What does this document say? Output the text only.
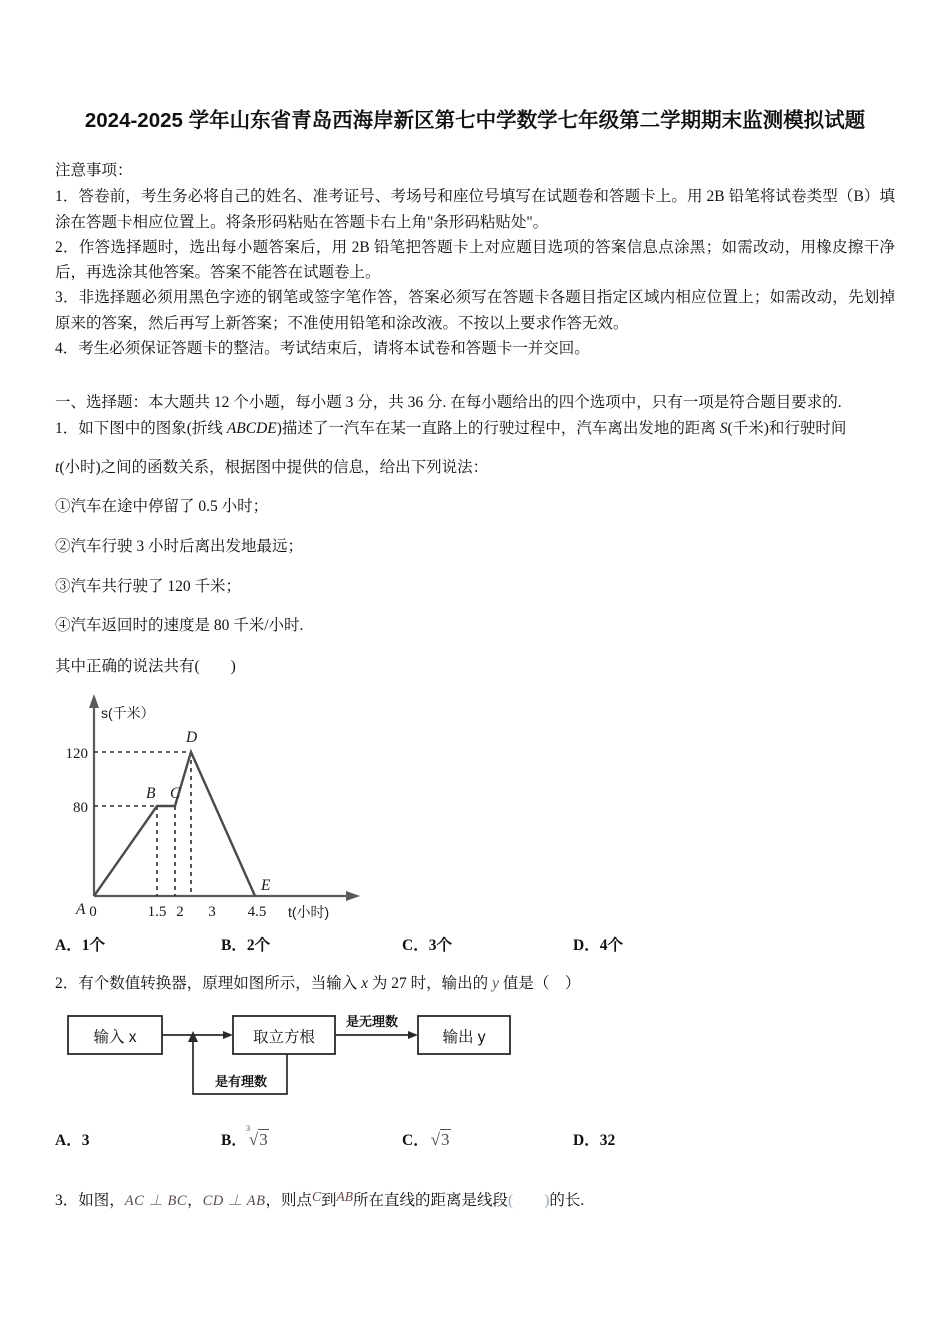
2024-2025 学年山东省青岛西海岸新区第七中学数学七年级第二学期期末监测模拟试题

注意事项：

1．答卷前，考生务必将自己的姓名、准考证号、考场号和座位号填写在试题卷和答题卡上。用 2B 铅笔将试卷类型（B）填涂在答题卡相应位置上。将条形码粘贴在答题卡右上角"条形码粘贴处"。

2．作答选择题时，选出每小题答案后，用 2B 铅笔把答题卡上对应题目选项的答案信息点涂黑；如需改动，用橡皮擦干净后，再选涂其他答案。答案不能答在试题卷上。

3．非选择题必须用黑色字迹的钢笔或签字笔作答，答案必须写在答题卡各题目指定区域内相应位置上；如需改动，先划掉原来的答案，然后再写上新答案；不准使用铅笔和涂改液。不按以上要求作答无效。

4．考生必须保证答题卡的整洁。考试结束后，请将本试卷和答题卡一并交回。

一、选择题：本大题共 12 个小题，每小题 3 分，共 36 分. 在每小题给出的四个选项中，只有一项是符合题目要求的.
1．如下图中的图象(折线 ABCDE)描述了一汽车在某一直路上的行驶过程中，汽车离出发地的距离 S(千米)和行驶时间
t(小时)之间的函数关系，根据图中提供的信息，给出下列说法：
①汽车在途中停留了 0.5 小时；
②汽车行驶 3 小时后离出发地最远；
③汽车共行驶了 120 千米；
④汽车返回时的速度是 80 千米/小时.
其中正确的说法共有(　　)
120
80
0	1.5 2 3 4.5
A
B C
D
E
s(千米）
t(小时)
A．1个	B．2个	C．3个	D．4个
2．有个数值转换器，原理如图所示，当输入 x 为 27 时，输出的 y 值是（　）
输入 x	取立方根	输出 y
是无理数
是有理数
A．3	B．
3
√3	C． √3	D．32
3．如图，AC ⊥ BC，CD ⊥ AB，则点C到AB所在直线的距离是线段(　　)的长.
